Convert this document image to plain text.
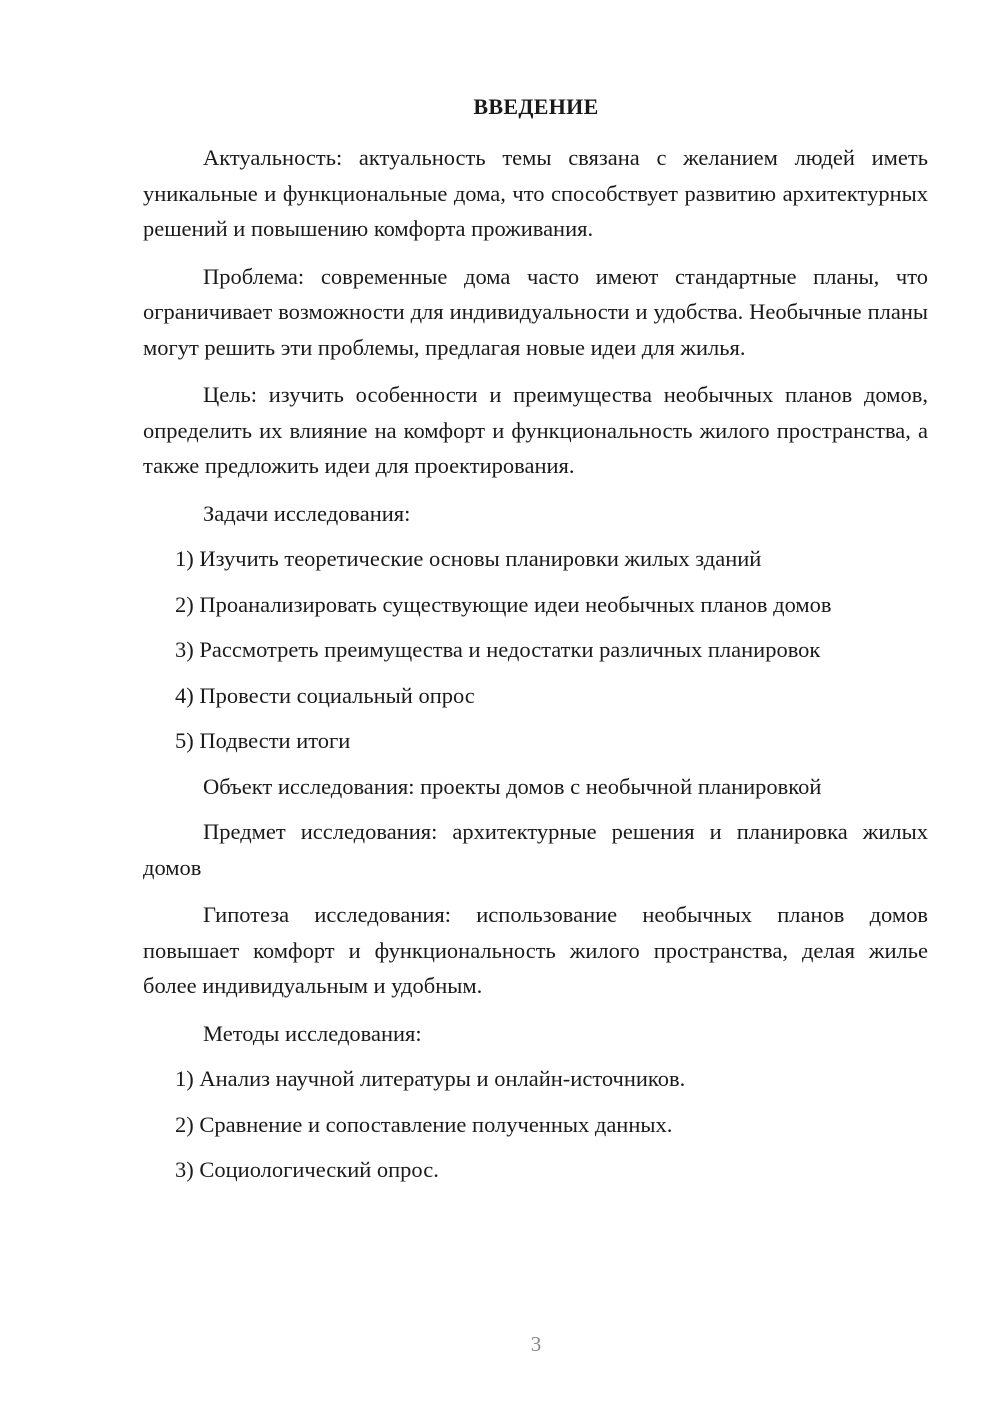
ВВЕДЕНИЕ

Актуальность: актуальность темы связана с желанием людей иметь уникальные и функциональные дома, что способствует развитию архитектурных решений и повышению комфорта проживания.

Проблема: современные дома часто имеют стандартные планы, что ограничивает возможности для индивидуальности и удобства. Необычные планы могут решить эти проблемы, предлагая новые идеи для жилья.

Цель: изучить особенности и преимущества необычных планов домов, определить их влияние на комфорт и функциональность жилого пространства, а также предложить идеи для проектирования.

Задачи исследования:

1) Изучить теоретические основы планировки жилых зданий

2) Проанализировать существующие идеи необычных планов домов

3) Рассмотреть преимущества и недостатки различных планировок

4) Провести социальный опрос

5) Подвести итоги

Объект исследования: проекты домов с необычной планировкой

Предмет исследования: архитектурные решения и планировка жилых домов

Гипотеза исследования: использование необычных планов домов повышает комфорт и функциональность жилого пространства, делая жилье более индивидуальным и удобным.

Методы исследования:

1) Анализ научной литературы и онлайн-источников.

2) Сравнение и сопоставление полученных данных.

3) Социологический опрос.

3
